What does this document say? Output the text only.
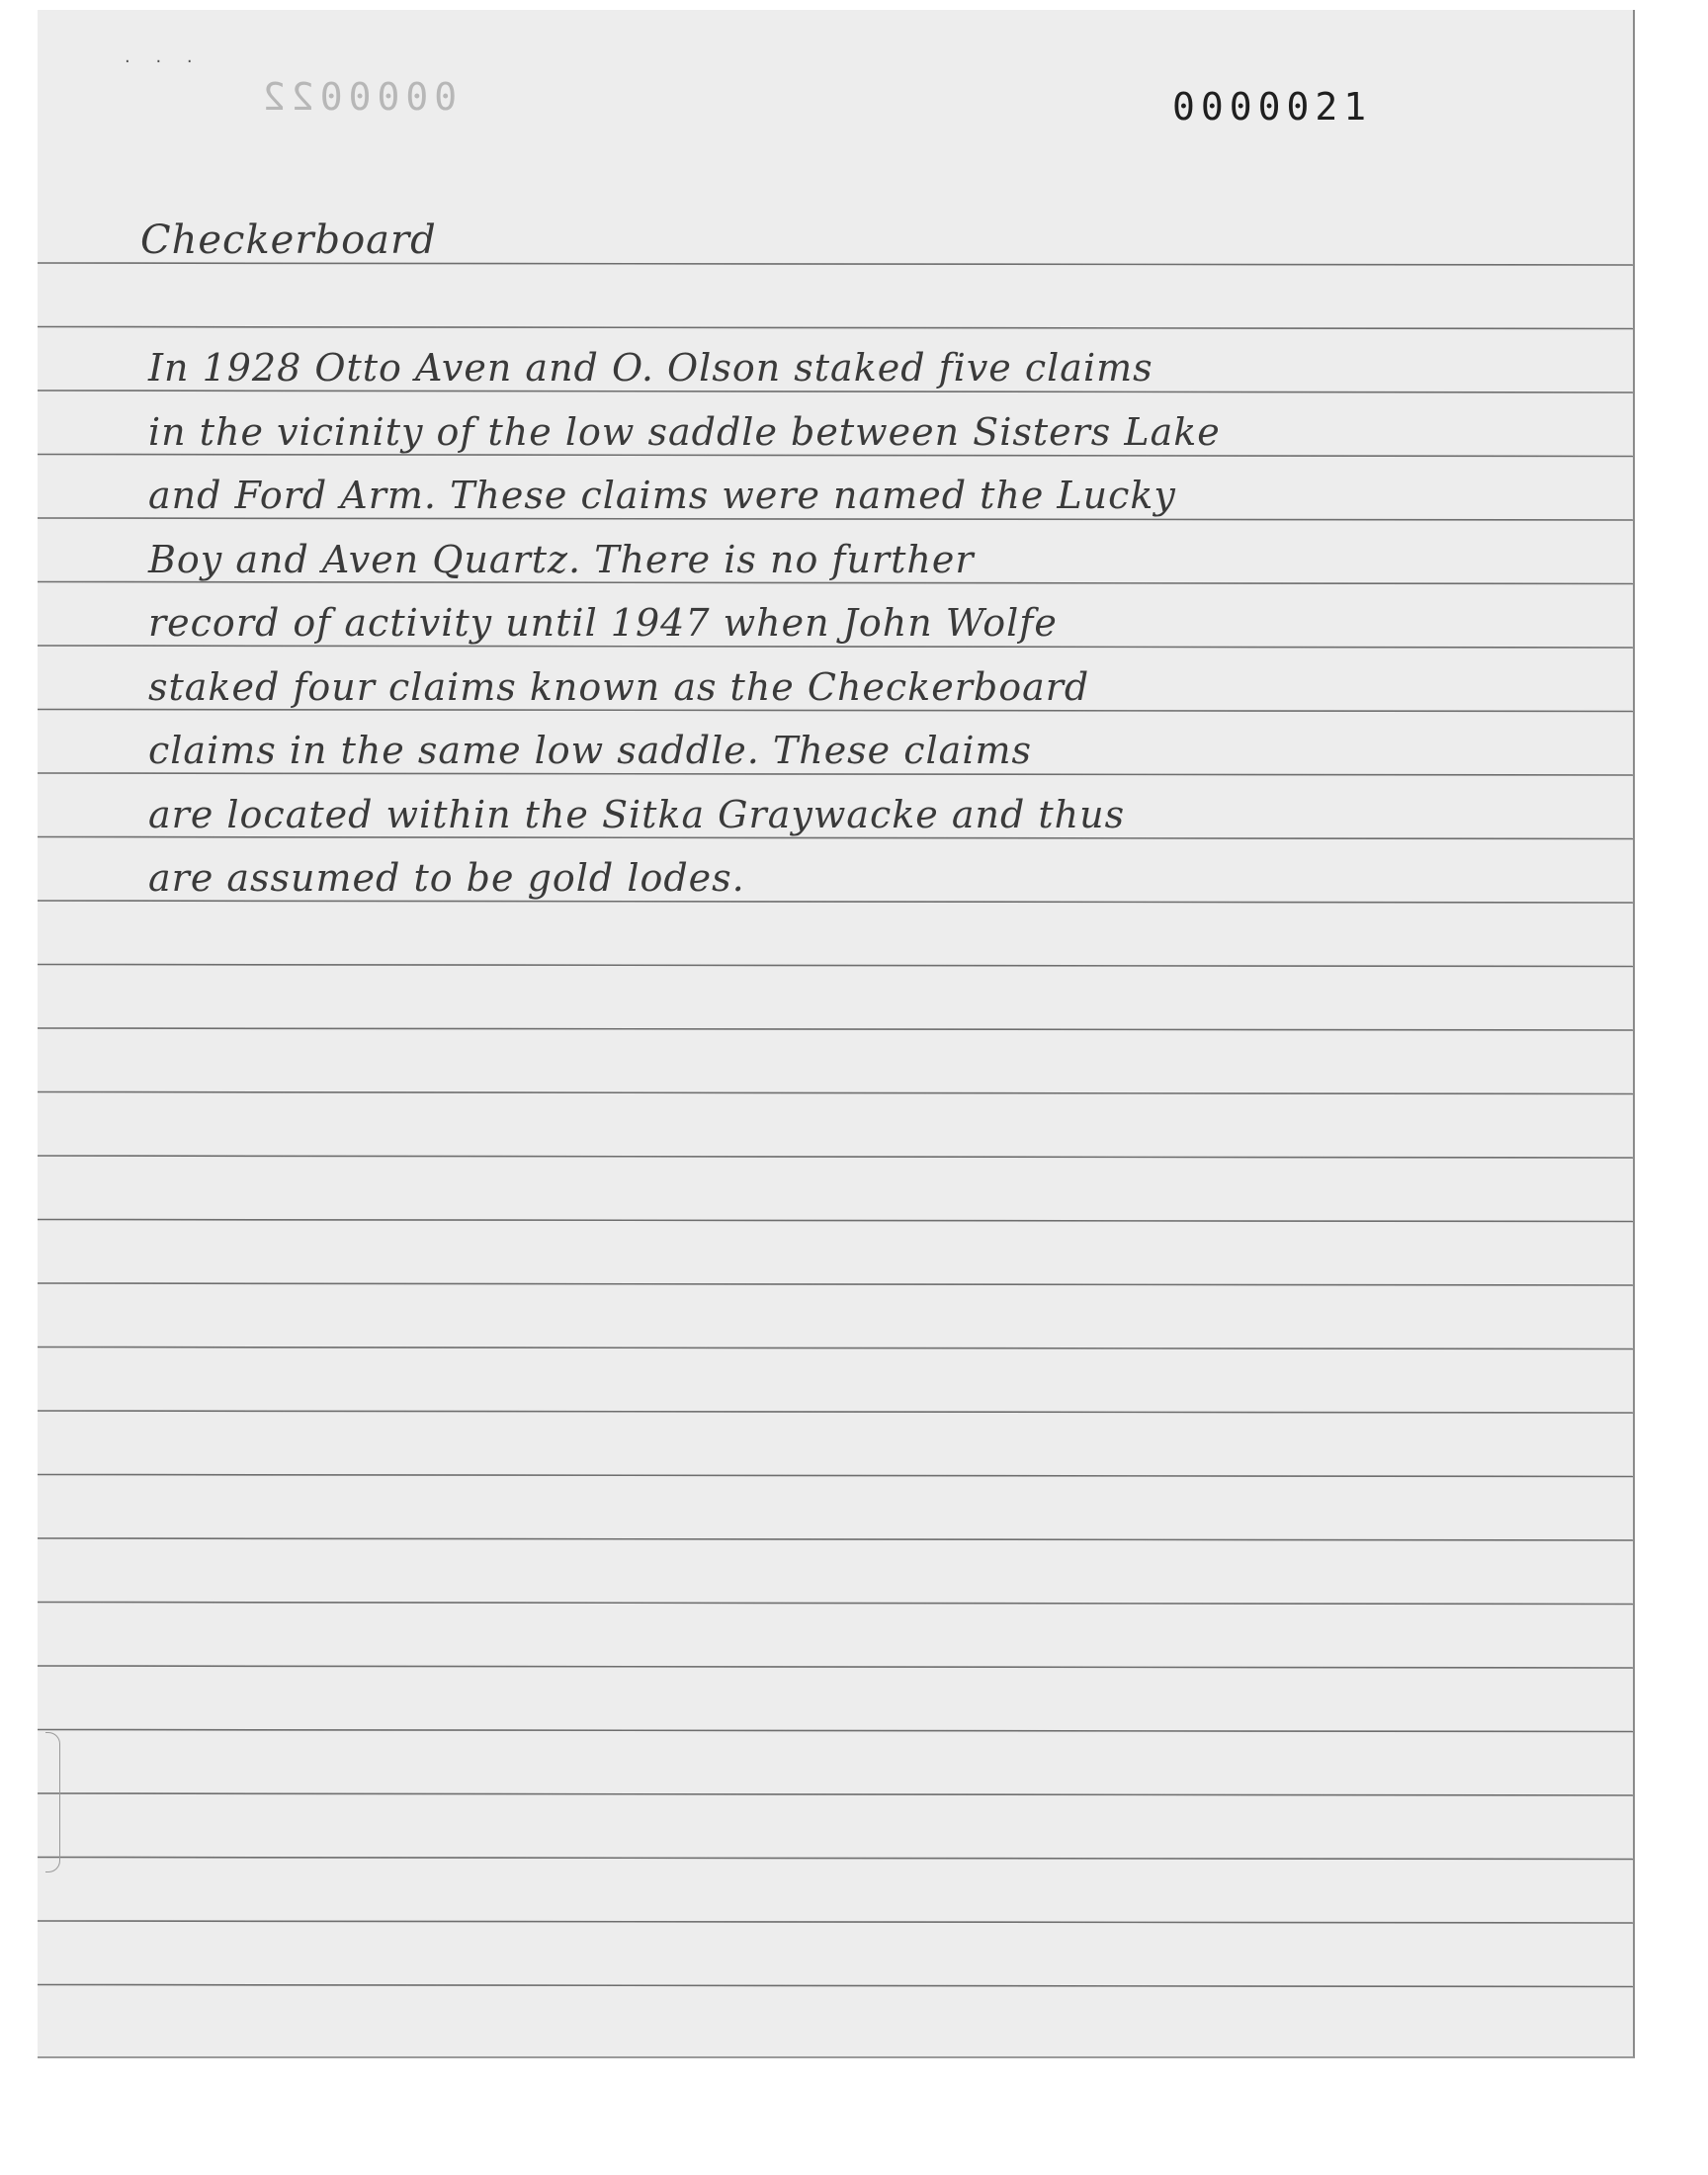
· · ·
0000022	0000021
Checkerboard
In 1928 Otto Aven and O. Olson staked five claims
in the vicinity of the low saddle between Sisters Lake
and Ford Arm. These claims were named the Lucky
Boy and Aven Quartz. There is no further
record of activity until 1947 when John Wolfe
staked four claims known as the Checkerboard
claims in the same low saddle. These claims
are located within the Sitka Graywacke and thus
are assumed to be gold lodes.
